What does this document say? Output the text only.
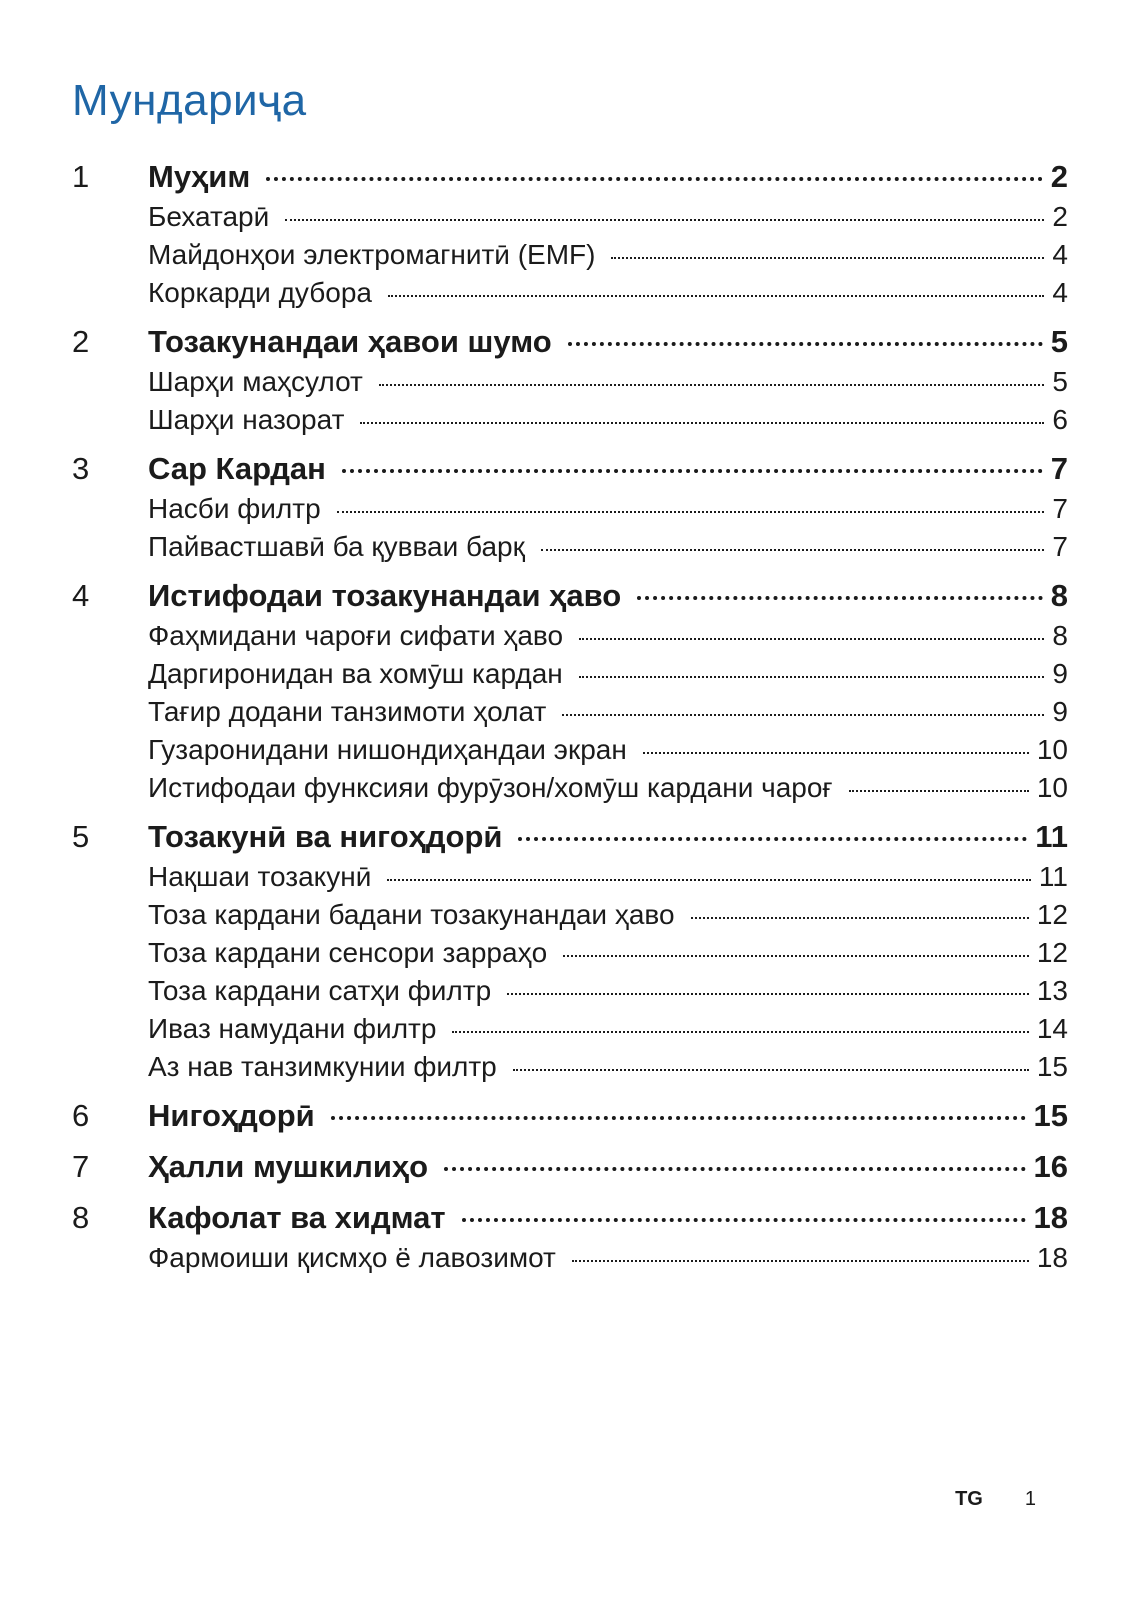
Мундариҷа
1	Муҳим	2
Бехатарӣ	2
Майдонҳои электромагнитӣ (EMF)	4
Коркарди дубора	4
2	Тозакунандаи ҳавои шумо	5
Шарҳи маҳсулот	5
Шарҳи назорат	6
3	Сар Кардан	7
Насби филтр	7
Пайвастшавӣ ба қувваи барқ	7
4	Истифодаи тозакунандаи ҳаво	8
Фаҳмидани чароғи сифати ҳаво	8
Даргиронидан ва хомӯш кардан	9
Тағир додани танзимоти ҳолат	9
Гузаронидани нишондиҳандаи экран	10
Истифодаи функсияи фурӯзон/хомӯш кардани чароғ	10
5	Тозакунӣ ва нигоҳдорӣ	11
Нақшаи тозакунӣ	11
Тоза кардани бадани тозакунандаи ҳаво	12
Тоза кардани сенсори зарраҳо	12
Тоза кардани сатҳи филтр	13
Иваз намудани филтр	14
Аз нав танзимкунии филтр	15
6	Нигоҳдорӣ	15
7	Ҳалли мушкилиҳо	16
8	Кафолат ва хидмат	18
Фармоиши қисмҳо ё лавозимот	18
TG 1
